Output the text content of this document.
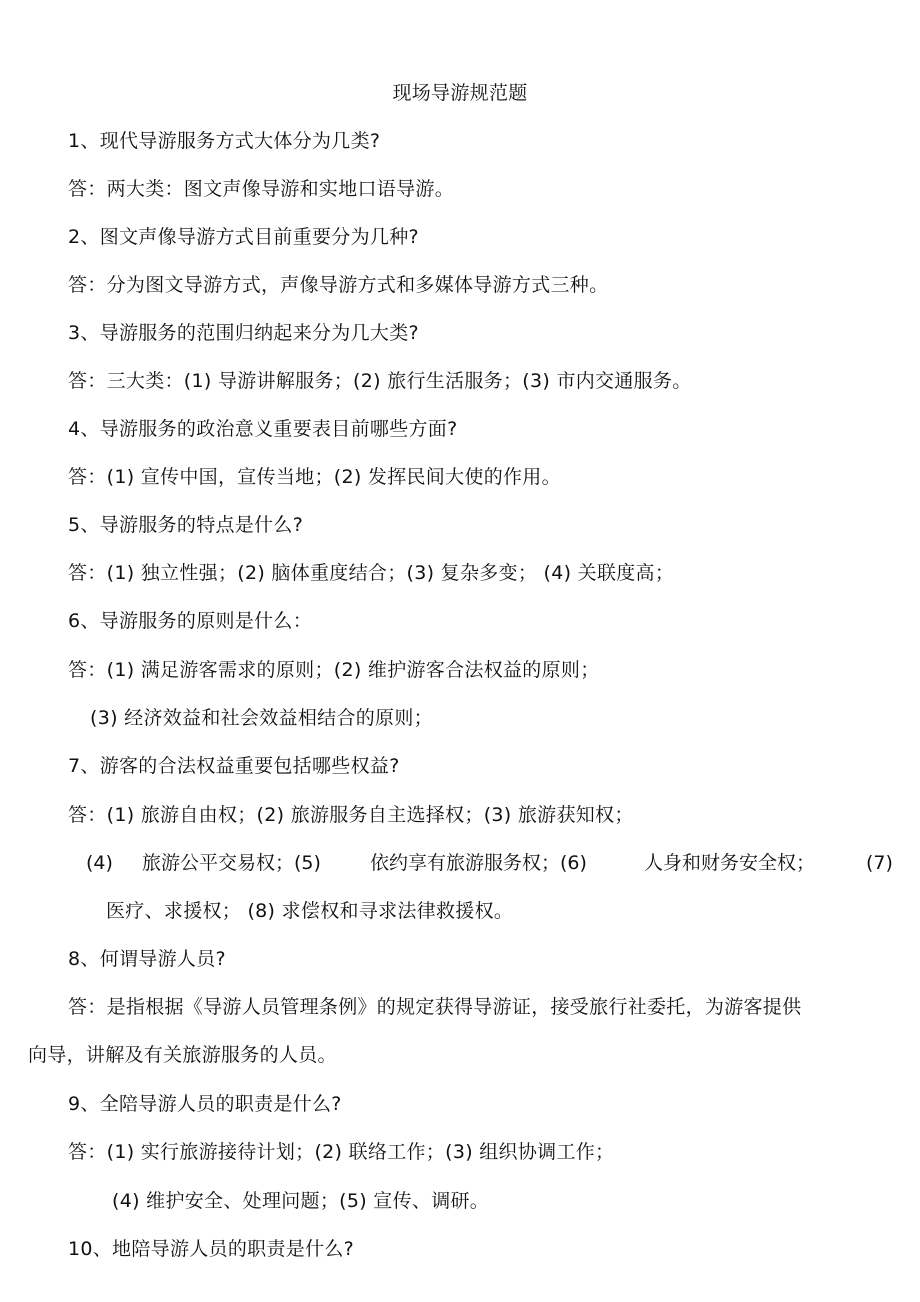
现场导游规范题
1、现代导游服务方式大体分为几类?
答：两大类：图文声像导游和实地口语导游。
2、图文声像导游方式目前重要分为几种?
答：分为图文导游方式，声像导游方式和多媒体导游方式三种。
3、导游服务的范围归纳起来分为几大类?
答：三大类：(1) 导游讲解服务；(2) 旅行生活服务；(3) 市内交通服务。
4、导游服务的政治意义重要表目前哪些方面?
答：(1) 宣传中国，宣传当地；(2) 发挥民间大使的作用。
5、导游服务的特点是什么?
答：(1) 独立性强；(2) 脑体重度结合；(3) 复杂多变； (4) 关联度高；
6、导游服务的原则是什么：
答：(1) 满足游客需求的原则；(2) 维护游客合法权益的原则；
(3) 经济效益和社会效益相结合的原则；
7、游客的合法权益重要包括哪些权益?
答：(1) 旅游自由权；(2) 旅游服务自主选择权；(3) 旅游获知权；
(4) 旅游公平交易权；(5)	依约享有旅游服务权；(6)	人身和财务安全权；	(7)
医疗、求援权； (8) 求偿权和寻求法律救援权。
8、何谓导游人员?
答：是指根据《导游人员管理条例》的规定获得导游证，接受旅行社委托，为游客提供
向导，讲解及有关旅游服务的人员。
9、全陪导游人员的职责是什么?
答：(1) 实行旅游接待计划；(2) 联络工作；(3) 组织协调工作；
(4) 维护安全、处理问题；(5) 宣传、调研。
10、地陪导游人员的职责是什么?
